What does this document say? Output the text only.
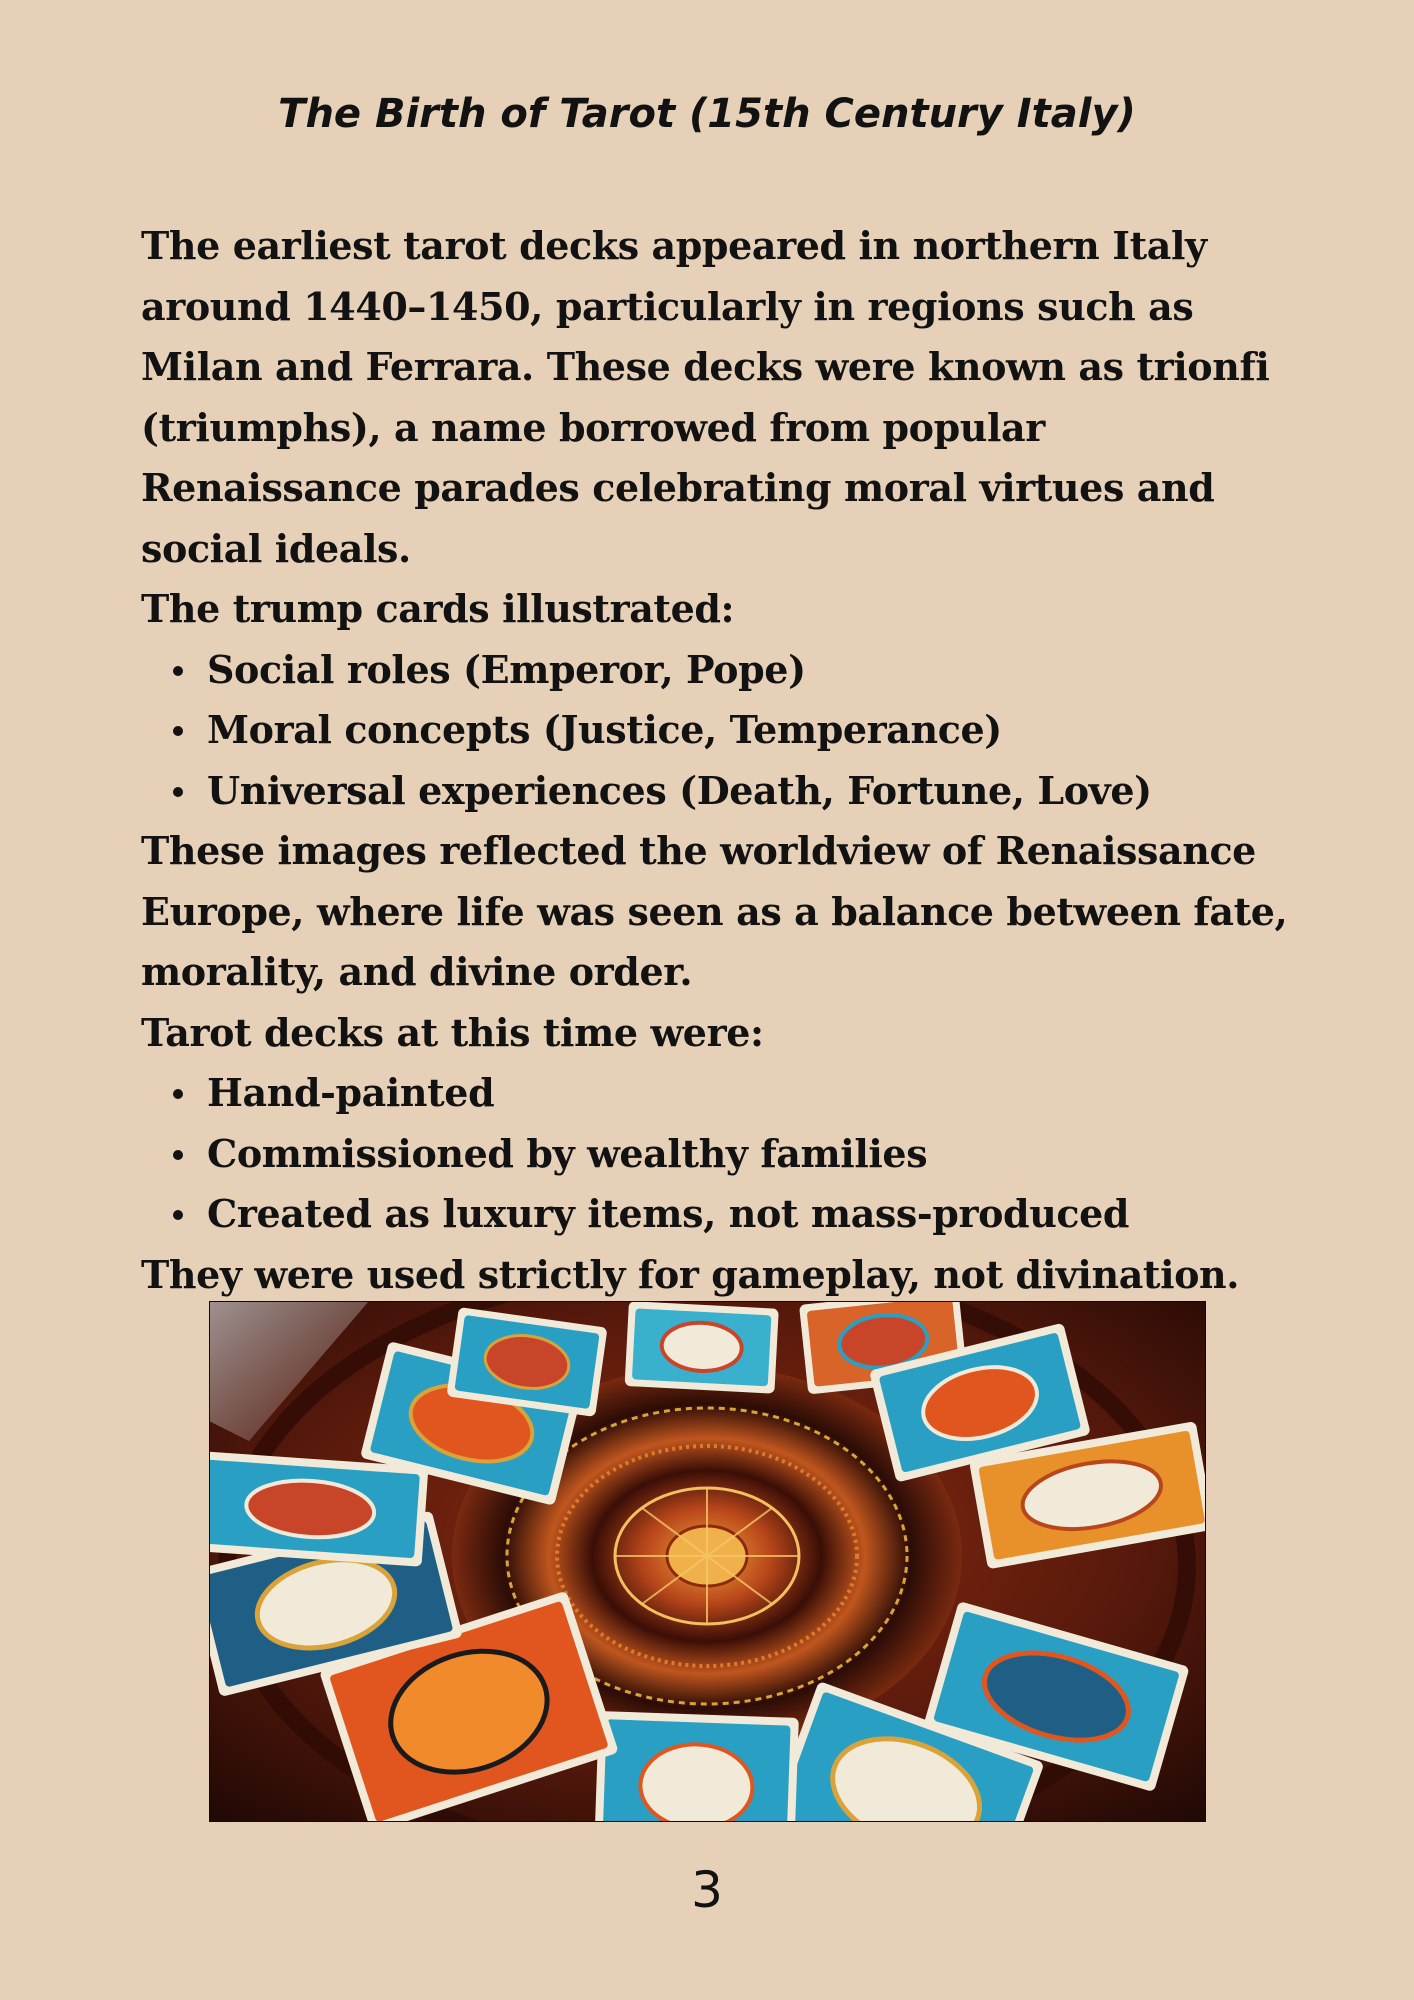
The Birth of Tarot (15th Century Italy)

The earliest tarot decks appeared in northern Italy around 1440–1450, particularly in regions such as Milan and Ferrara. These decks were known as trionfi (triumphs), a name borrowed from popular Renaissance parades celebrating moral virtues and social ideals.

The trump cards illustrated:

Social roles (Emperor, Pope)
Moral concepts (Justice, Temperance)
Universal experiences (Death, Fortune, Love)

These images reflected the worldview of Renaissance Europe, where life was seen as a balance between fate, morality, and divine order.

Tarot decks at this time were:

Hand-painted
Commissioned by wealthy families
Created as luxury items, not mass-produced

They were used strictly for gameplay, not divination.

3
